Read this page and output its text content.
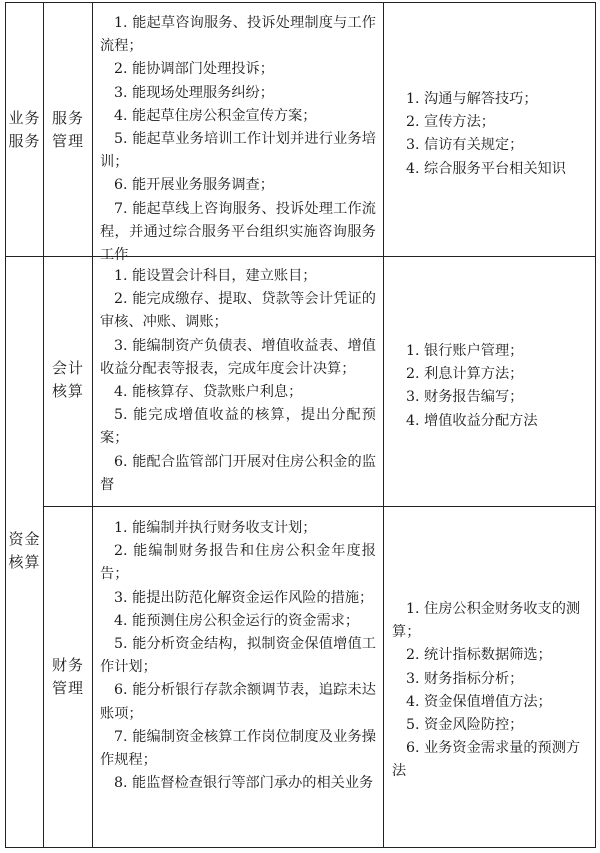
业务
服务
服务
管理

1. 能起草咨询服务、投诉处理制度与工作流程；

2. 能协调部门处理投诉；

3. 能现场处理服务纠纷；

4. 能起草住房公积金宣传方案；

5. 能起草业务培训工作计划并进行业务培训；

6. 能开展业务服务调查；

7. 能起草线上咨询服务、投诉处理工作流程，并通过综合服务平台组织实施咨询服务工作

1. 沟通与解答技巧；

2. 宣传方法；

3. 信访有关规定；

4. 综合服务平台相关知识

资金
核算
会计
核算

1. 能设置会计科目，建立账目；

2. 能完成缴存、提取、贷款等会计凭证的审核、冲账、调账；

3. 能编制资产负债表、增值收益表、增值收益分配表等报表，完成年度会计决算；

4. 能核算存、贷款账户利息；

5. 能完成增值收益的核算，提出分配预案；

6. 能配合监管部门开展对住房公积金的监督

1. 银行账户管理；

2. 利息计算方法；

3. 财务报告编写；

4. 增值收益分配方法

财务
管理

1. 能编制并执行财务收支计划；

2. 能编制财务报告和住房公积金年度报告；

3. 能提出防范化解资金运作风险的措施；

4. 能预测住房公积金运行的资金需求；

5. 能分析资金结构，拟制资金保值增值工作计划；

6. 能分析银行存款余额调节表，追踪未达账项；

7. 能编制资金核算工作岗位制度及业务操作规程；

8. 能监督检查银行等部门承办的相关业务

1. 住房公积金财务收支的测算；

2. 统计指标数据筛选；

3. 财务指标分析；

4. 资金保值增值方法；

5. 资金风险防控；

6. 业务资金需求量的预测方法
